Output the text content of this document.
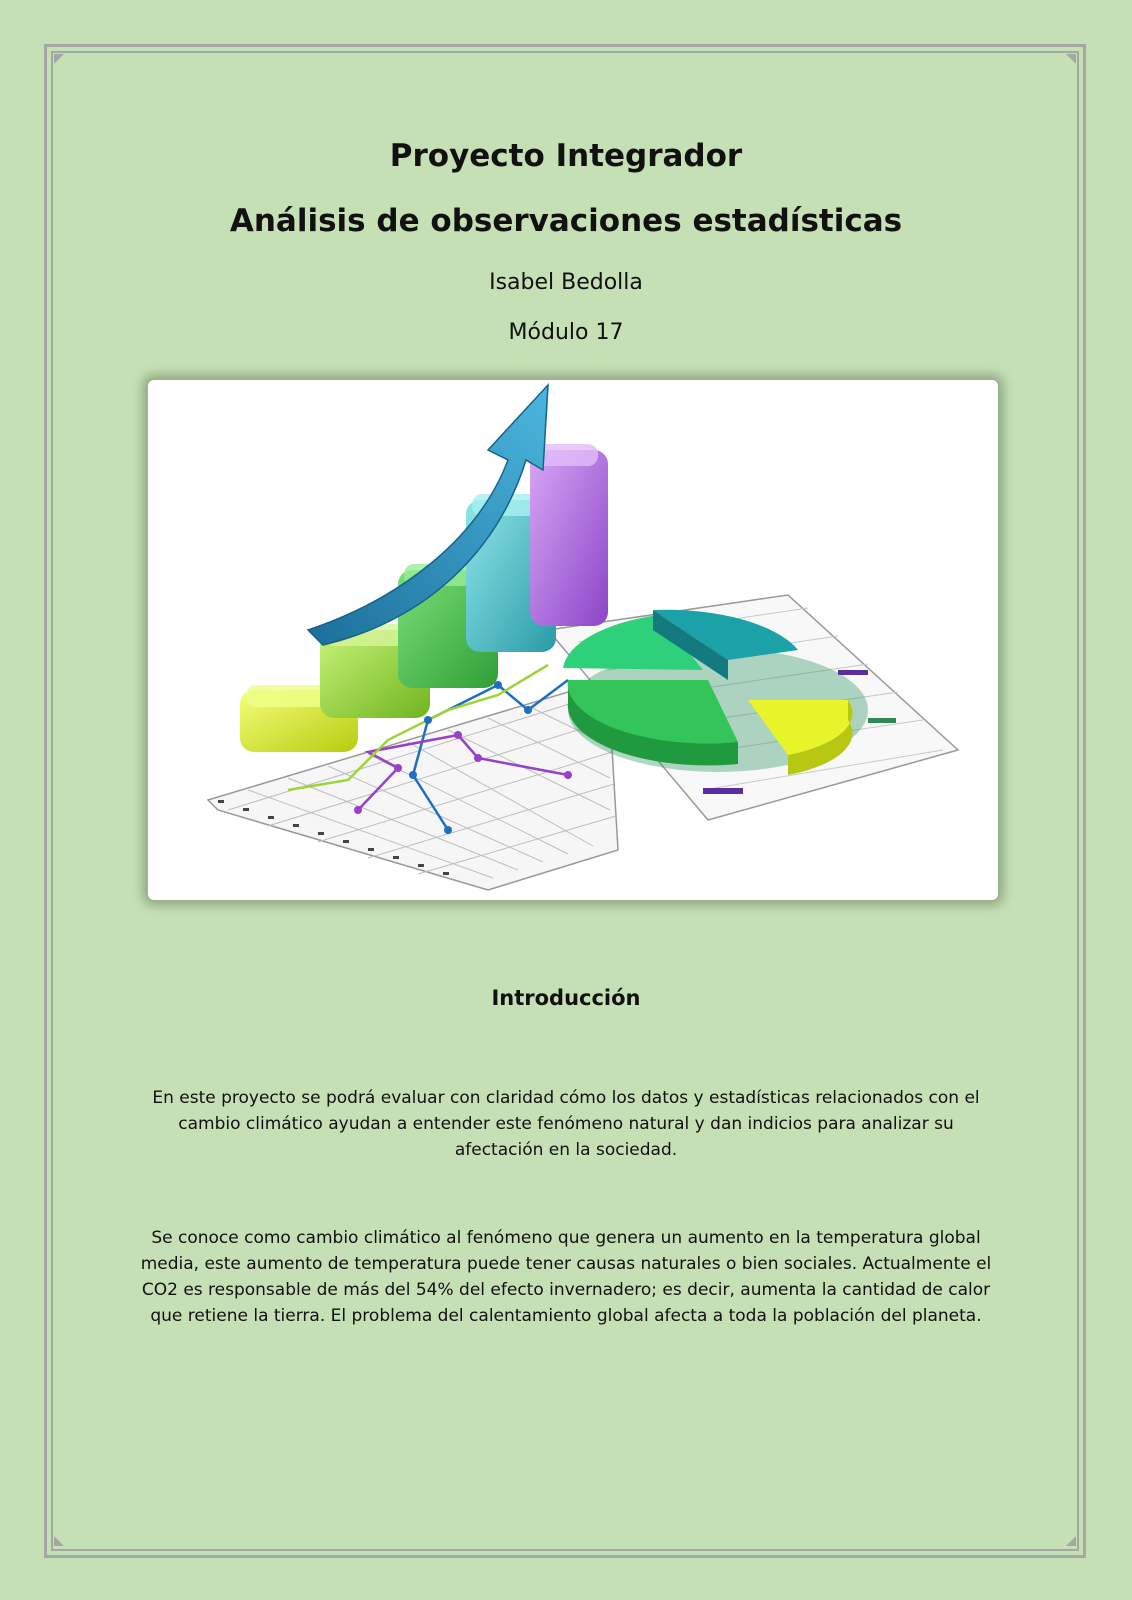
Proyecto Integrador
Análisis de observaciones estadísticas
Isabel Bedolla
Módulo 17
Introducción

En este proyecto se podrá evaluar con claridad cómo los datos y estadísticas relacionados con el cambio climático ayudan a entender este fenómeno natural y dan indicios para analizar su afectación en la sociedad.

Se conoce como cambio climático al fenómeno que genera un aumento en la temperatura global media, este aumento de temperatura puede tener causas naturales o bien sociales. Actualmente el CO2 es responsable de más del 54% del efecto invernadero; es decir, aumenta la cantidad de calor que retiene la tierra. El problema del calentamiento global afecta a toda la población del planeta.
